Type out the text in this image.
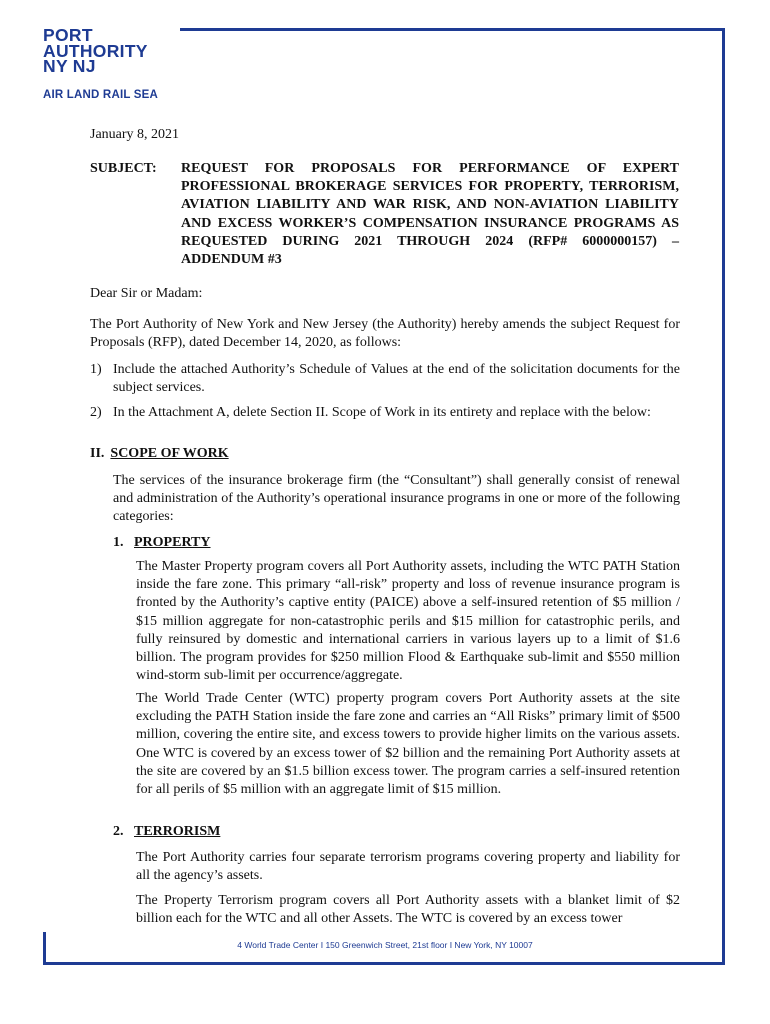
PORT
AUTHORITY
NY NJ
AIR LAND RAIL SEA
January 8, 2021
SUBJECT: REQUEST FOR PROPOSALS FOR PERFORMANCE OF EXPERT PROFESSIONAL BROKERAGE SERVICES FOR PROPERTY, TERRORISM, AVIATION LIABILITY AND WAR RISK, AND NON-AVIATION LIABILITY AND EXCESS WORKER’S COMPENSATION INSURANCE PROGRAMS AS REQUESTED DURING 2021 THROUGH 2024 (RFP# 6000000157) – ADDENDUM #3
Dear Sir or Madam:
The Port Authority of New York and New Jersey (the Authority) hereby amends the subject Request for Proposals (RFP), dated December 14, 2020, as follows:
1) Include the attached Authority’s Schedule of Values at the end of the solicitation documents for the subject services.
2) In the Attachment A, delete Section II. Scope of Work in its entirety and replace with the below:
II. SCOPE OF WORK
The services of the insurance brokerage firm (the “Consultant”) shall generally consist of renewal and administration of the Authority’s operational insurance programs in one or more of the following categories:
1. PROPERTY
The Master Property program covers all Port Authority assets, including the WTC PATH Station inside the fare zone. This primary “all-risk” property and loss of revenue insurance program is fronted by the Authority’s captive entity (PAICE) above a self-insured retention of $5 million / $15 million aggregate for non-catastrophic perils and $15 million for catastrophic perils, and fully reinsured by domestic and international carriers in various layers up to a limit of $1.6 billion. The program provides for $250 million Flood & Earthquake sub-limit and $550 million wind-storm sub-limit per occurrence/aggregate.
The World Trade Center (WTC) property program covers Port Authority assets at the site excluding the PATH Station inside the fare zone and carries an “All Risks” primary limit of $500 million, covering the entire site, and excess towers to provide higher limits on the various assets. One WTC is covered by an excess tower of $2 billion and the remaining Port Authority assets at the site are covered by an $1.5 billion excess tower. The program carries a self-insured retention for all perils of $5 million with an aggregate limit of $15 million.
2. TERRORISM
The Port Authority carries four separate terrorism programs covering property and liability for all the agency’s assets.
The Property Terrorism program covers all Port Authority assets with a blanket limit of $2 billion each for the WTC and all other Assets. The WTC is covered by an excess tower
4 World Trade Center I 150 Greenwich Street, 21st floor I New York, NY 10007
